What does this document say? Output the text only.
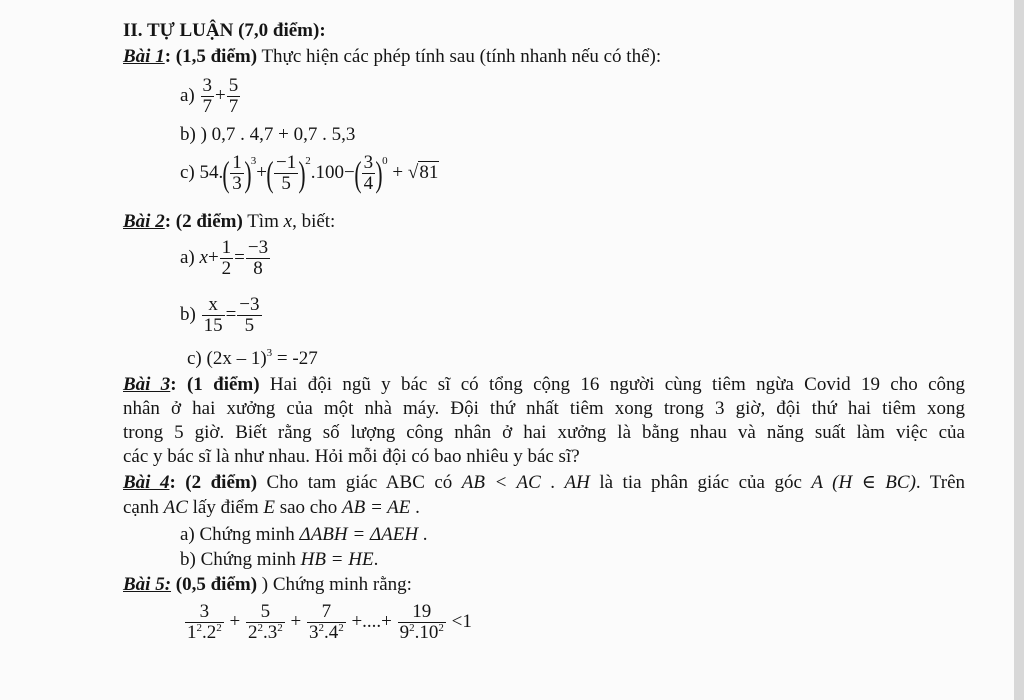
II. TỰ LUẬN (7,0 điểm):
Bài 1: (1,5 điểm) Thực hiện các phép tính sau (tính nhanh nếu có thể):
$a) \frac{3}{7} + \frac{5}{7}$
b) ) 0,7 . 4,7 + 0,7 . 5,3
c) $54.( \frac{1}{3} )^3+( \frac{-1}{5} )^2.100-( \frac{3}{4} )^0 + √81$
Bài 2: (2 điểm) Tìm x, biết:
a) $x+ \frac{1}{2} = \frac{-3}{8}$
$b) \frac{x}{15} = \frac{-3}{5}$
c) (2x – 1)$^3$ = -27
Bài 3: (1 điểm) Hai đội ngũ y bác sĩ có tổng cộng 16 người cùng tiêm ngừa Covid 19 cho công
nhân ở hai xưởng của một nhà máy. Đội thứ nhất tiêm xong trong 3 giờ, đội thứ hai tiêm xong
trong 5 giờ. Biết rằng số lượng công nhân ở hai xưởng là bằng nhau và năng suất làm việc của
các y bác sĩ là như nhau. Hỏi mỗi đội có bao nhiêu y bác sĩ?
Bài 4: (2 điểm) Cho tam giác ABC có AB < AC . AH là tia phân giác của góc A (H ∈ BC). Trên
cạnh AC lấy điểm E sao cho AB = AE .
a) Chứng minh ΔABH = ΔAEH .
b) Chứng minh HB = HE.
Bài 5: (0,5 điểm) ) Chứng minh rằng:
$\frac{3}{1^2.2^2} + \frac{5}{2^2.3^2} + \frac{7}{3^2.4^2}$ +....+ $\frac{19}{9^2.10^2} <1$
